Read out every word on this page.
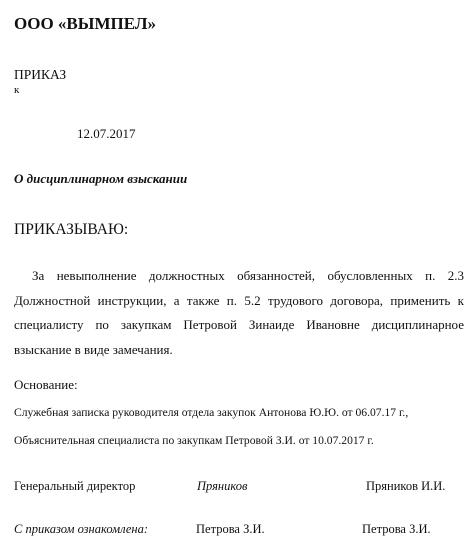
ООО «ВЫМПЕЛ»
ПРИКАЗ
к
12.07.2017
О дисциплинарном взыскании
ПРИКАЗЫВАЮ:
За невыполнение должностных обязанностей, обусловленных п. 2.3 Должностной инструкции, а также п. 5.2 трудового договора, применить к специалисту по закупкам Петровой Зинаиде Ивановне дисциплинарное взыскание в виде замечания.
Основание:
Служебная записка руководителя отдела закупок Антонова Ю.Ю. от 06.07.17 г.,
Объяснительная специалиста по закупкам Петровой З.И. от 10.07.2017 г.
Генеральный директор	Пряников	Пряников И.И.
С приказом ознакомлена:	Петрова З.И.	Петрова З.И.
